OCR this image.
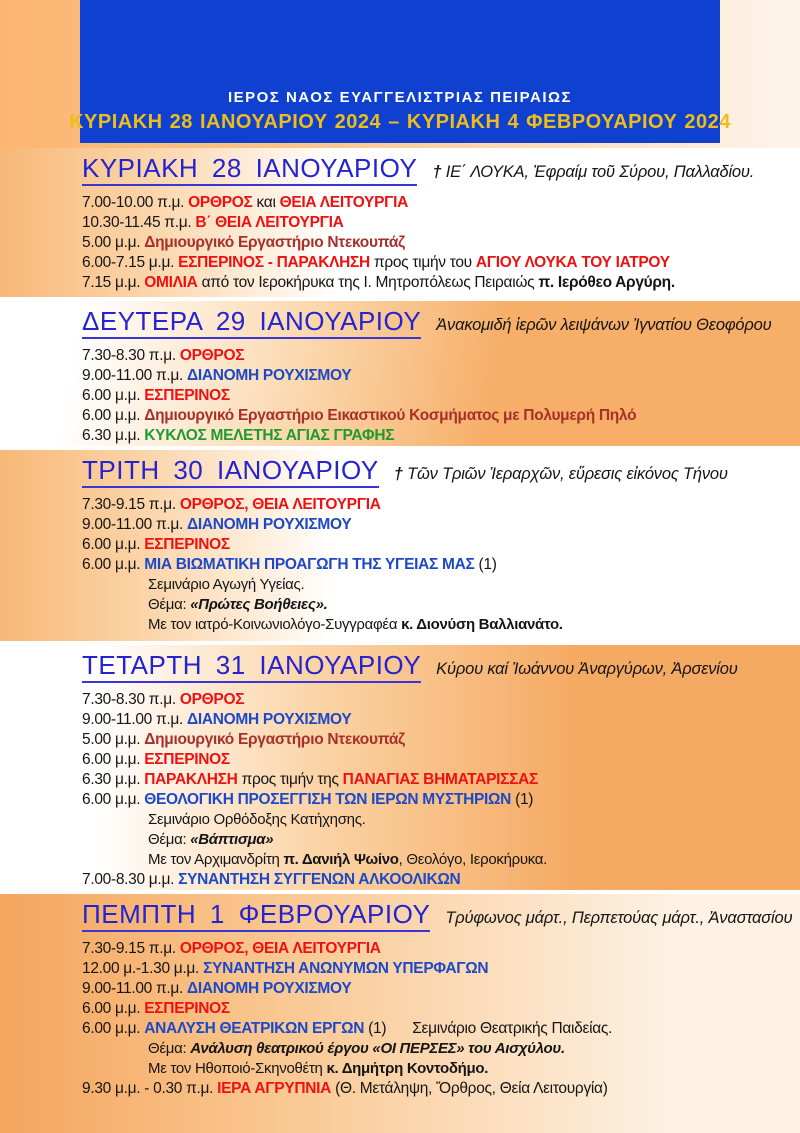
ΙΕΡΟΣ ΝΑΟΣ ΕΥΑΓΓΕΛΙΣΤΡΙΑΣ ΠΕΙΡΑΙΩΣ
ΚΥΡΙΑΚΗ 28 ΙΑΝΟΥΑΡΙΟΥ 2024 – ΚΥΡΙΑΚΗ 4 ΦΕΒΡΟΥΑΡΙΟΥ 2024
ΚΥΡΙΑΚΗ 28 ΙΑΝΟΥΑΡΙΟΥ † ΙΕ΄ ΛΟΥΚΑ, Ἐφραίμ τοῦ Σύρου, Παλλαδίου.
7.00-10.00 π.μ. ΟΡΘΡΟΣ και ΘΕΙΑ ΛΕΙΤΟΥΡΓΙΑ
10.30-11.45 π.μ. Β΄ ΘΕΙΑ ΛΕΙΤΟΥΡΓΙΑ
5.00 μ.μ. Δημιουργικό Εργαστήριο Ντεκουπάζ
6.00-7.15 μ.μ. ΕΣΠΕΡΙΝΟΣ - ΠΑΡΑΚΛΗΣΗ προς τιμήν του ΑΓΙΟΥ ΛΟΥΚΑ ΤΟΥ ΙΑΤΡΟΥ
7.15 μ.μ. ΟΜΙΛΙΑ από τον Ιεροκήρυκα της Ι. Μητροπόλεως Πειραιώς π. Ιερόθεο Αργύρη.
ΔΕΥΤΕΡΑ 29 ΙΑΝΟΥΑΡΙΟΥ Ἀνακομιδή ἱερῶν λειψάνων Ἰγνατίου Θεοφόρου
7.30-8.30 π.μ. ΟΡΘΡΟΣ
9.00-11.00 π.μ. ΔΙΑΝΟΜΗ ΡΟΥΧΙΣΜΟΥ
6.00 μ.μ. ΕΣΠΕΡΙΝΟΣ
6.00 μ.μ. Δημιουργικό Εργαστήριο Εικαστικού Κοσμήματος με Πολυμερή Πηλό
6.30 μ.μ. ΚΥΚΛΟΣ ΜΕΛΕΤΗΣ ΑΓΙΑΣ ΓΡΑΦΗΣ
ΤΡΙΤΗ 30 ΙΑΝΟΥΑΡΙΟΥ † Τῶν Τριῶν Ἱεραρχῶν, εὕρεσις εἰκόνος Τήνου
7.30-9.15 π.μ. ΟΡΘΡΟΣ, ΘΕΙΑ ΛΕΙΤΟΥΡΓΙΑ
9.00-11.00 π.μ. ΔΙΑΝΟΜΗ ΡΟΥΧΙΣΜΟΥ
6.00 μ.μ. ΕΣΠΕΡΙΝΟΣ
6.00 μ.μ. ΜΙΑ ΒΙΩΜΑΤΙΚΗ ΠΡΟΑΓΩΓΗ ΤΗΣ ΥΓΕΙΑΣ ΜΑΣ (1)
Σεμινάριο Αγωγή Υγείας.
Θέμα: «Πρώτες Βοήθειες».
Με τον ιατρό-Κοινωνιολόγο-Συγγραφέα κ. Διονύση Βαλλιανάτο.
ΤΕΤΑΡΤΗ 31 ΙΑΝΟΥΑΡΙΟΥ Κύρου καί Ἰωάννου Ἀναργύρων, Ἀρσενίου
7.30-8.30 π.μ. ΟΡΘΡΟΣ
9.00-11.00 π.μ. ΔΙΑΝΟΜΗ ΡΟΥΧΙΣΜΟΥ
5.00 μ.μ. Δημιουργικό Εργαστήριο Ντεκουπάζ
6.00 μ.μ. ΕΣΠΕΡΙΝΟΣ
6.30 μ.μ. ΠΑΡΑΚΛΗΣΗ προς τιμήν της ΠΑΝΑΓΙΑΣ ΒΗΜΑΤΑΡΙΣΣΑΣ
6.00 μ.μ. ΘΕΟΛΟΓΙΚΗ ΠΡΟΣΕΓΓΙΣΗ ΤΩΝ ΙΕΡΩΝ ΜΥΣΤΗΡΙΩΝ (1)
Σεμινάριο Ορθόδοξης Κατήχησης.
Θέμα: «Βάπτισμα»
Με τον Αρχιμανδρίτη π. Δανιήλ Ψωίνο, Θεολόγο, Ιεροκήρυκα.
7.00-8.30 μ.μ. ΣΥΝΑΝΤΗΣΗ ΣΥΓΓΕΝΩΝ ΑΛΚΟΟΛΙΚΩΝ
ΠΕΜΠΤΗ 1 ΦΕΒΡΟΥΑΡΙΟΥ Τρύφωνος μάρτ., Περπετούας μάρτ., Ἀναστασίου
7.30-9.15 π.μ. ΟΡΘΡΟΣ, ΘΕΙΑ ΛΕΙΤΟΥΡΓΙΑ
12.00 μ.-1.30 μ.μ. ΣΥΝΑΝΤΗΣΗ ΑΝΩΝΥΜΩΝ ΥΠΕΡΦΑΓΩΝ
9.00-11.00 π.μ. ΔΙΑΝΟΜΗ ΡΟΥΧΙΣΜΟΥ
6.00 μ.μ. ΕΣΠΕΡΙΝΟΣ
6.00 μ.μ. ΑΝΑΛΥΣΗ ΘΕΑΤΡΙΚΩΝ ΕΡΓΩΝ (1) Σεμινάριο Θεατρικής Παιδείας.
Θέμα: Ανάλυση θεατρικού έργου «ΟΙ ΠΕΡΣΕΣ» του Αισχύλου.
Με τον Ηθοποιό-Σκηνοθέτη κ. Δημήτρη Κοντοδήμο.
9.30 μ.μ. - 0.30 π.μ. ΙΕΡΑ ΑΓΡΥΠΝΙΑ (Θ. Μετάληψη, Ὄρθρος, Θεία Λειτουργία)
